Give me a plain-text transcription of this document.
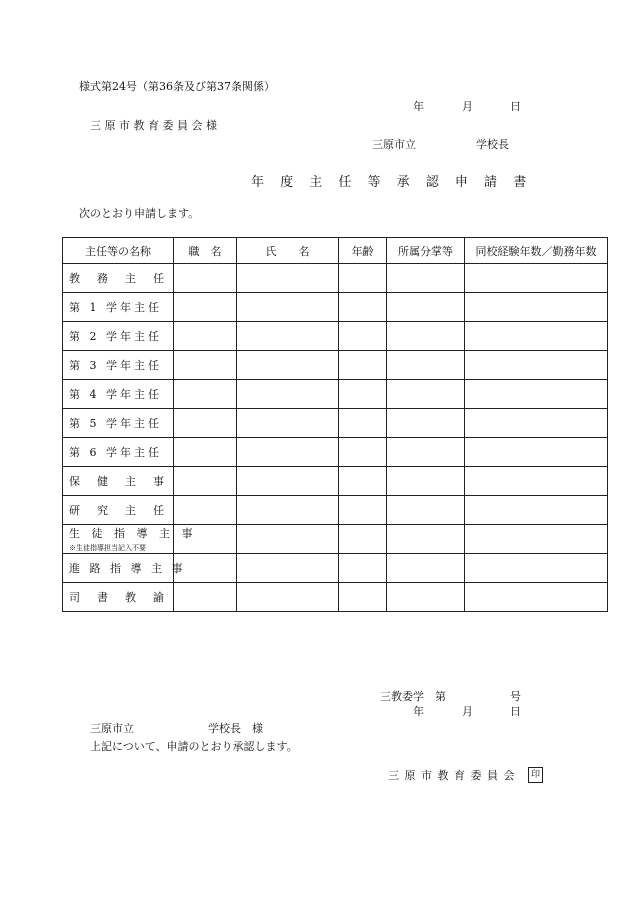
様式第24号（第36条及び第37条関係）
年	月	日
三 原 市 教 育 委 員 会 様
三原市立	学校長
年 度 主 任 等 承 認 申 請 書
次のとおり申請します。
主任等の名称	職　名	氏　　名	年齢	所属分掌等	同校経験年数／勤務年数
教　務　主　任					
第 1 学年主任					
第 2 学年主任					
第 3 学年主任					
第 4 学年主任					
第 5 学年主任					
第 6 学年主任					
保　健　主　事					
研　究　主　任					

生 徒 指 導 主 事
※生徒指導担当記入不要					

進 路 指 導 主 事					
司　書　教　諭					
三教委学　第	号
年	月	日
三原市立	学校長　様
上記について、申請のとおり承認します。
三 原 市 教 育 委 員 会	印
